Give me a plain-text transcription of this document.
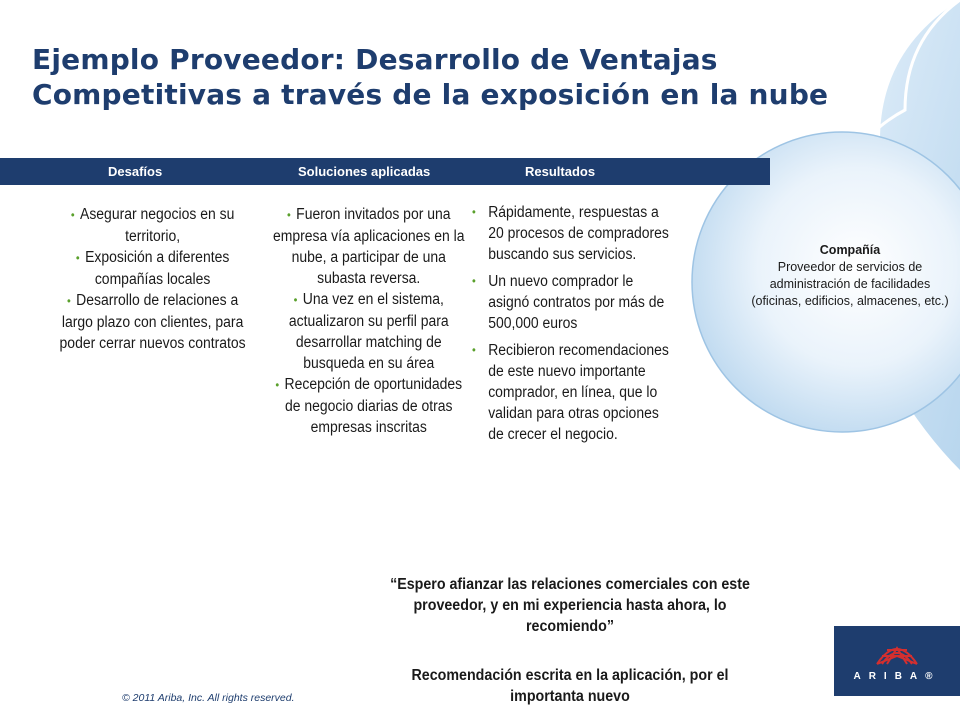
Ejemplo Proveedor: Desarrollo de Ventajas
Competitivas a través de la exposición en la nube
Desafíos	Soluciones aplicadas	Resultados
• Asegurar negocios en su territorio,
• Exposición a diferentes compañías locales
• Desarrollo de relaciones a largo plazo con clientes, para poder cerrar nuevos contratos
• Fueron invitados por una empresa vía aplicaciones en la nube, a participar de una subasta reversa.
• Una vez en el sistema, actualizaron su perfil para desarrollar matching de busqueda en su área
• Recepción de oportunidades de negocio diarias de otras empresas inscritas
• Rápidamente, respuestas a 20 procesos de compradores buscando sus servicios.
• Un nuevo comprador le asignó contratos por más de 500,000 euros
• Recibieron recomendaciones de este nuevo importante comprador, en línea, que lo validan para otras opciones de crecer el negocio.
Compañía
Proveedor de servicios de administración de facilidades (oficinas, edificios, almacenes, etc.)
“Espero afianzar las relaciones comerciales con este proveedor, y en mi experiencia hasta ahora, lo recomiendo”
Recomendación escrita en la aplicación, por el importanta nuevo
© 2011 Ariba, Inc. All rights reserved.
ARIBA®
